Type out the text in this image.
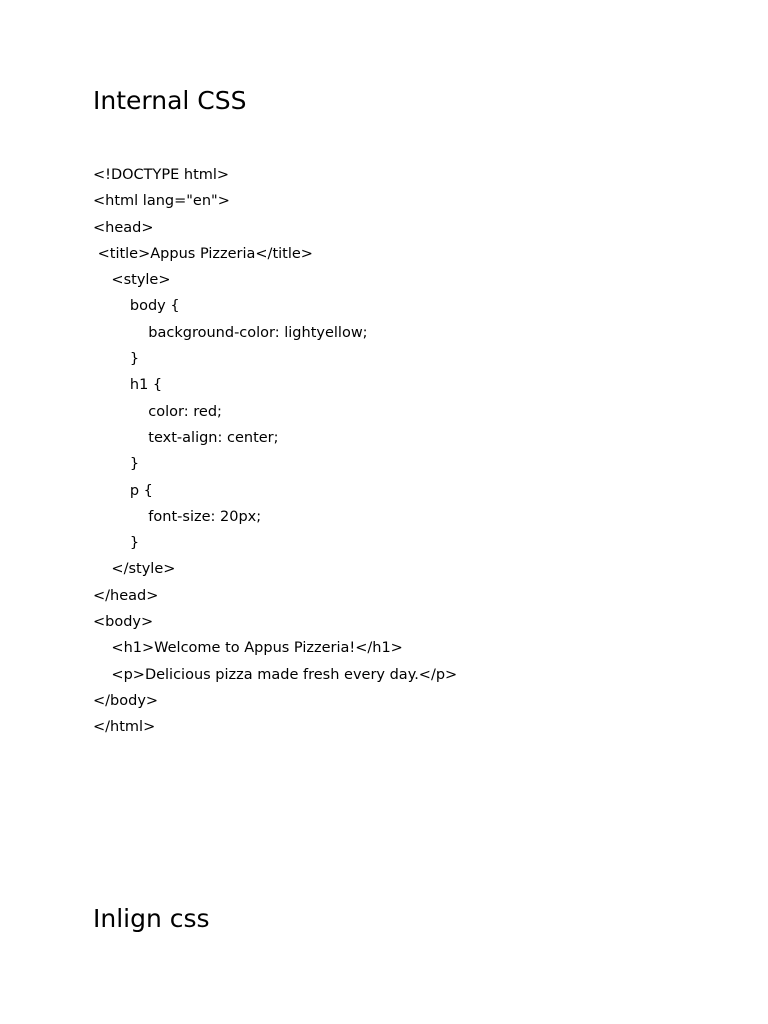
Internal CSS
<!DOCTYPE html>
<html lang="en">
<head>
<title>Appus Pizzeria</title>
<style>
body {
background-color: lightyellow;
}
h1 {
color: red;
text-align: center;
}
p {
font-size: 20px;
}
</style>
</head>
<body>
<h1>Welcome to Appus Pizzeria!</h1>
<p>Delicious pizza made fresh every day.</p>
</body>
</html>
Inlign css
